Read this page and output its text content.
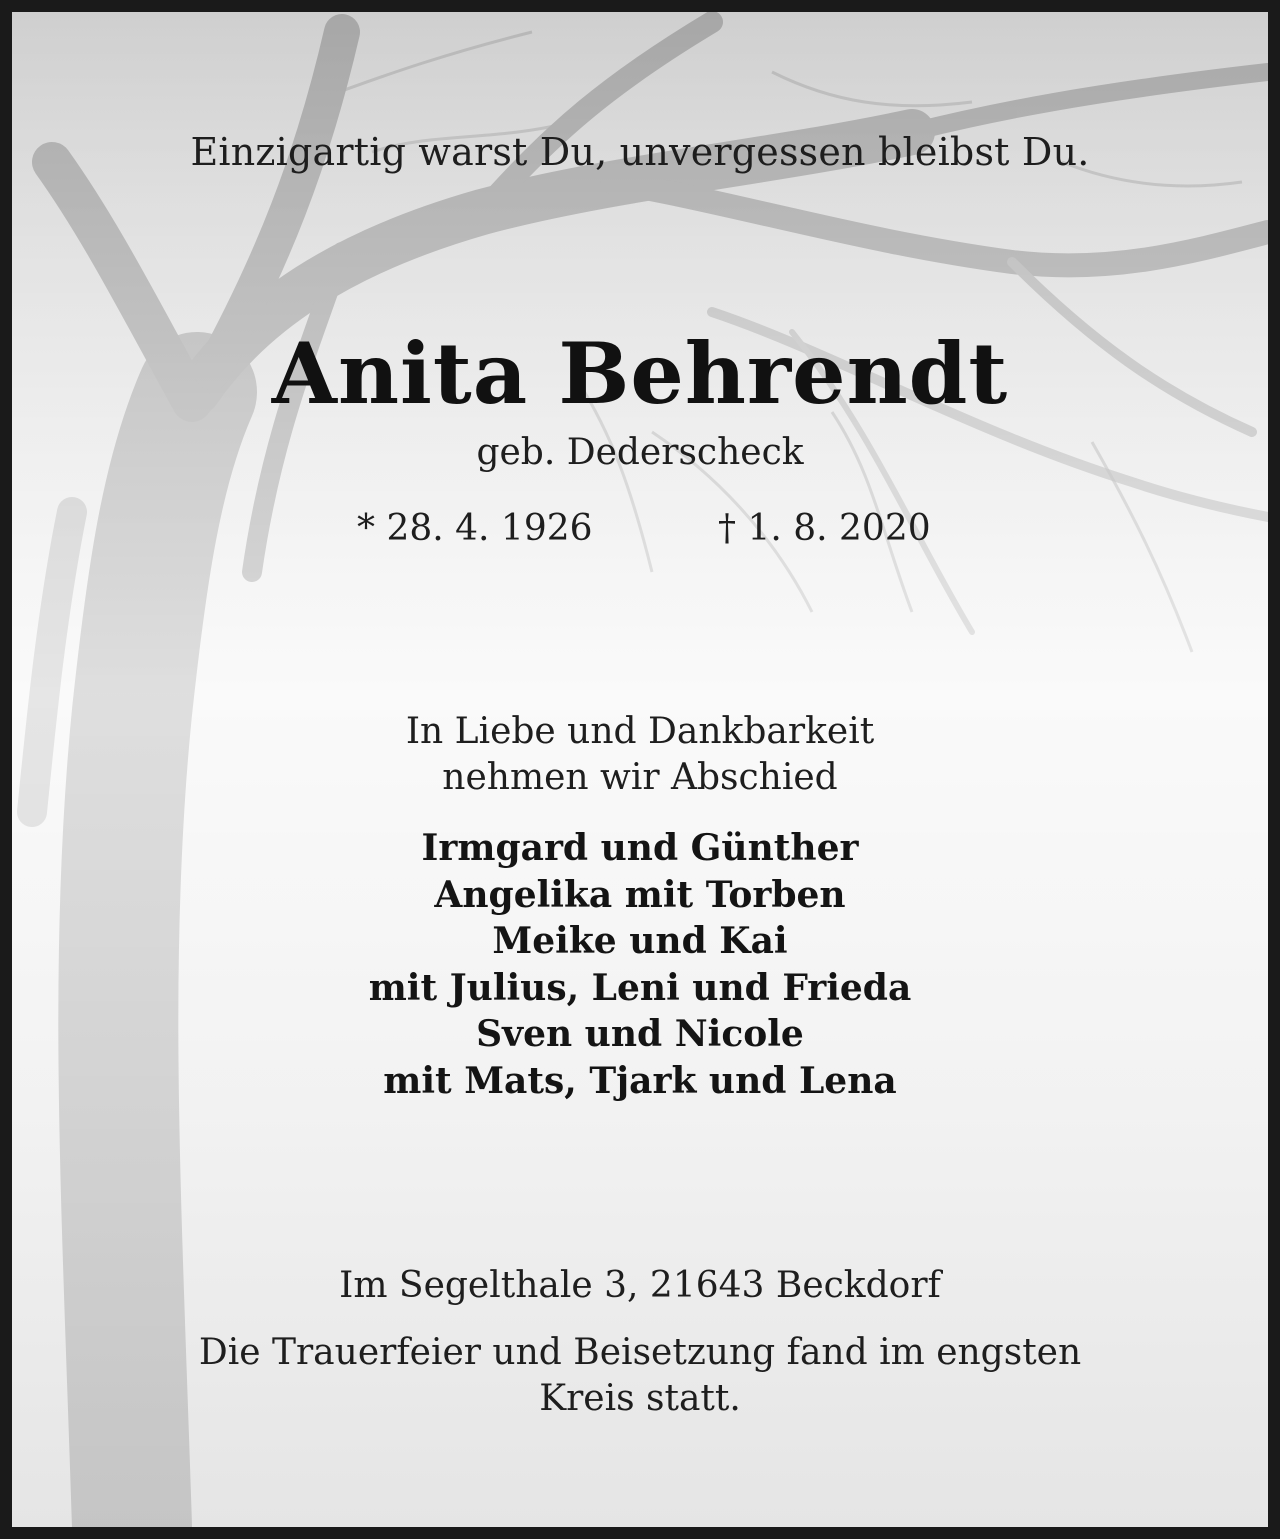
Einzigartig warst Du, unvergessen bleibst Du.
Anita Behrendt
geb. Dederscheck
* 28. 4. 1926	† 1. 8. 2020
In Liebe und Dankbarkeit
nehmen wir Abschied
Irmgard und Günther
Angelika mit Torben
Meike und Kai
mit Julius, Leni und Frieda
Sven und Nicole
mit Mats, Tjark und Lena
Im Segelthale 3, 21643 Beckdorf
Die Trauerfeier und Beisetzung fand im engsten
Kreis statt.
